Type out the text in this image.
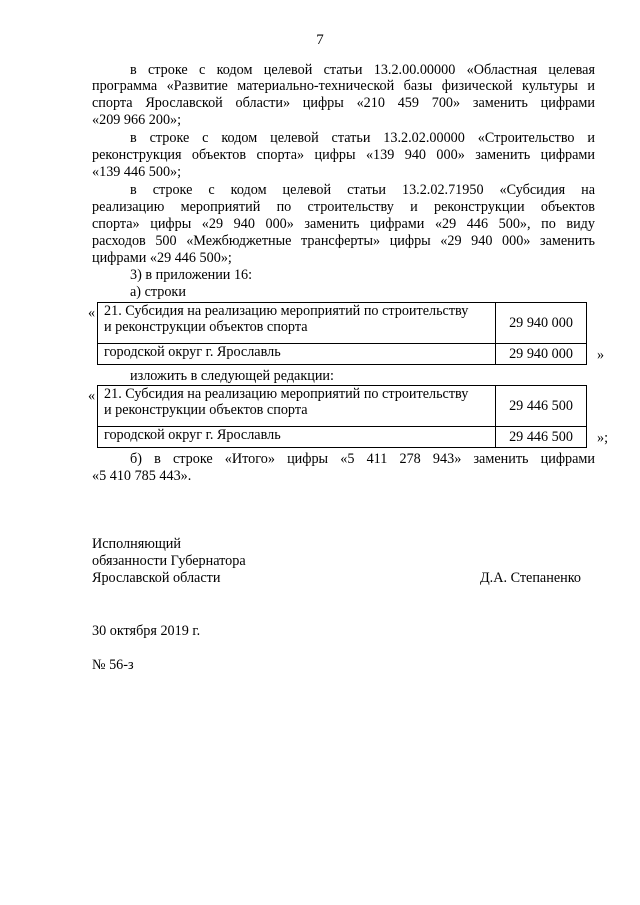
7
в строке с кодом целевой статьи 13.2.00.00000 «Областная целевая
программа «Развитие материально-технической базы физической культуры и
спорта Ярославской области» цифры «210 459 700» заменить цифрами
«209 966 200»;
в строке с кодом целевой статьи 13.2.02.00000 «Строительство и
реконструкция объектов спорта» цифры «139 940 000» заменить цифрами
«139 446 500»;
в строке с кодом целевой статьи 13.2.02.71950 «Субсидия на
реализацию мероприятий по строительству и реконструкции объектов
спорта» цифры «29 940 000» заменить цифрами «29 446 500», по виду
расходов 500 «Межбюджетные трансферты» цифры «29 940 000» заменить
цифрами «29 446 500»;
3) в приложении 16:
а) строки
« 21. Субсидия на реализацию мероприятий по строительству
и реконструкции объектов спорта	29 940 000

городской округ г. Ярославль	29 940 000 »
изложить в следующей редакции:
« 21. Субсидия на реализацию мероприятий по строительству
и реконструкции объектов спорта	29 446 500

городской округ г. Ярославль	29 446 500 »;
б) в строке «Итого» цифры «5 411 278 943» заменить цифрами
«5 410 785 443».
Исполняющий
обязанности Губернатора
Ярославской области	Д.А. Степаненко
30 октября 2019 г.
№ 56-з
